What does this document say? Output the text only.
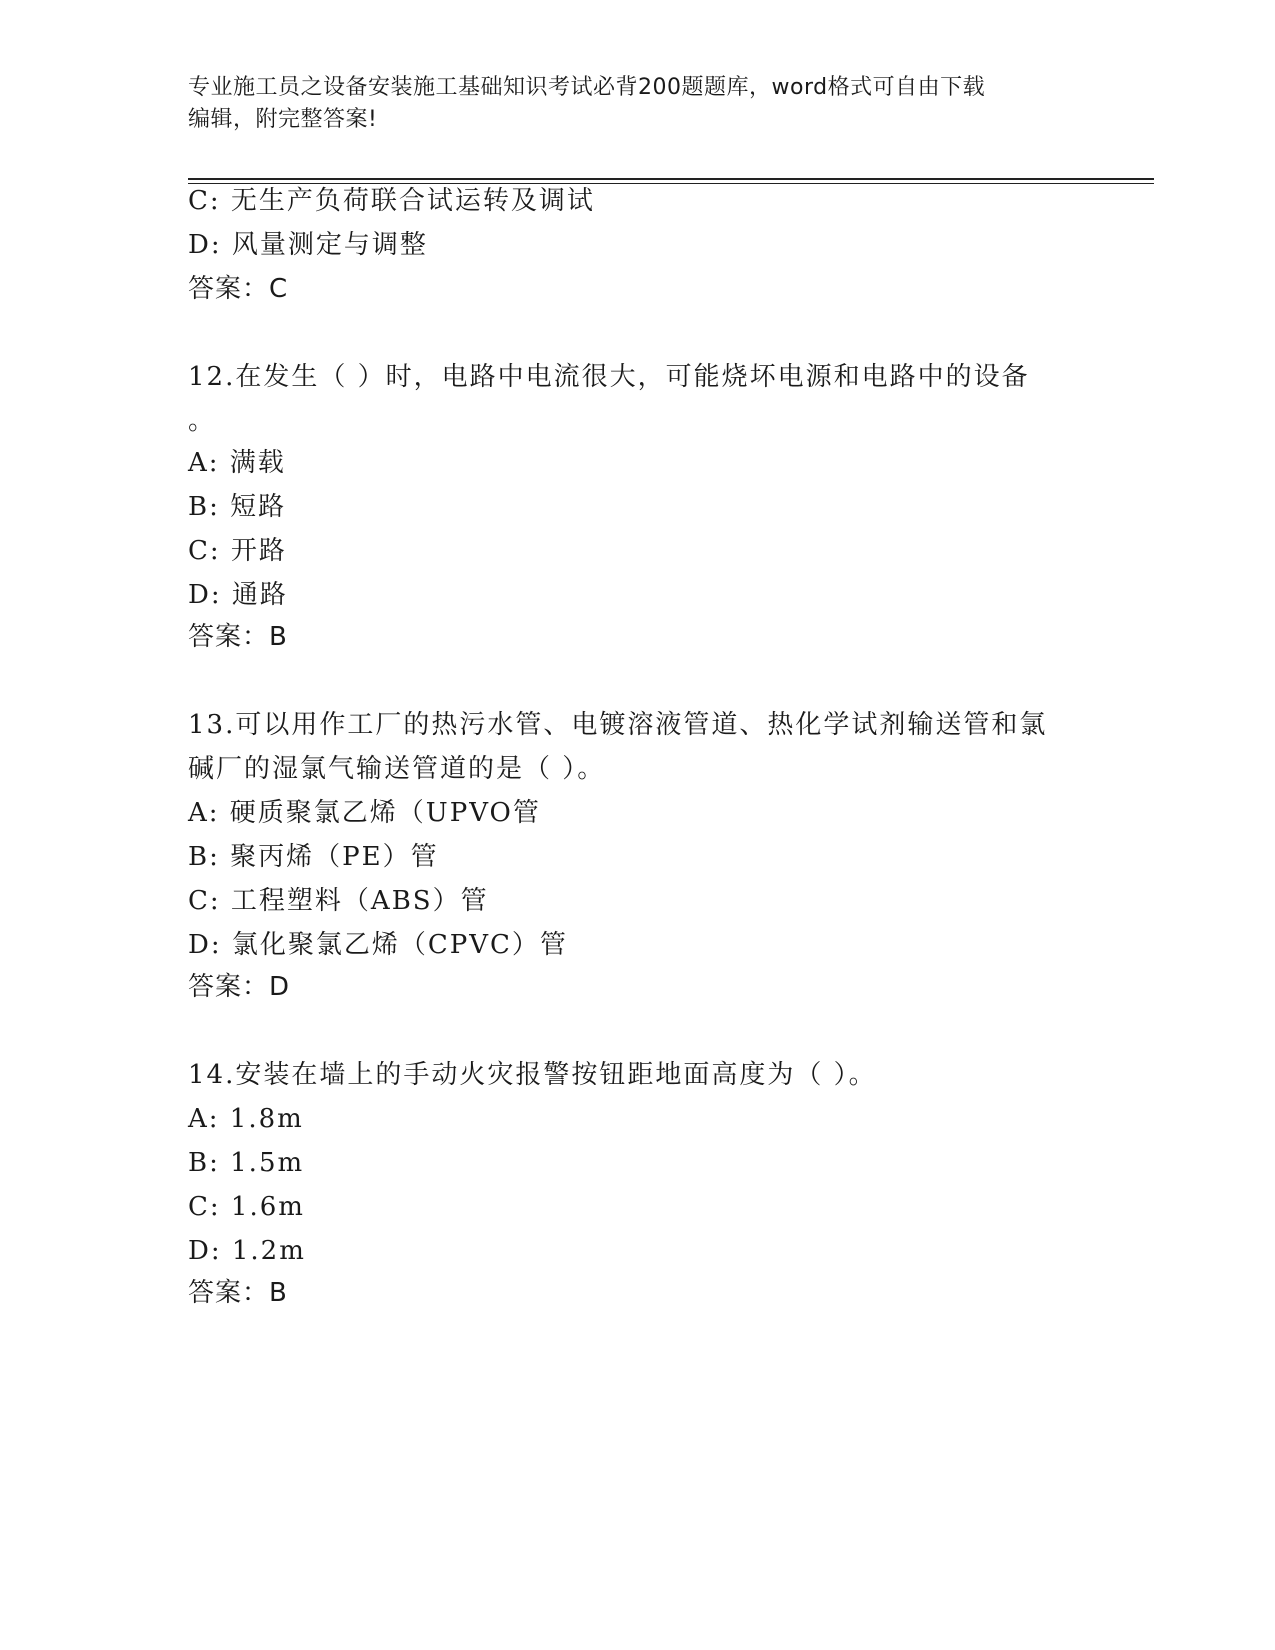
专业施工员之设备安装施工基础知识考试必背200题题库，word格式可自由下载
编辑，附完整答案!
C: 无生产负荷联合试运转及调试
D: 风量测定与调整
答案：C
12.在发生（ ）时，电路中电流很大，可能烧坏电源和电路中的设备
。
A: 满载
B: 短路
C: 开路
D: 通路
答案：B
13.可以用作工厂的热污水管、电镀溶液管道、热化学试剂输送管和氯
碱厂的湿氯气输送管道的是（ ）。
A: 硬质聚氯乙烯（UPVO管
B: 聚丙烯（PE）管
C: 工程塑料（ABS）管
D: 氯化聚氯乙烯（CPVC）管
答案：D
14.安装在墙上的手动火灾报警按钮距地面高度为（ ）。
A: 1.8m
B: 1.5m
C: 1.6m
D: 1.2m
答案：B
